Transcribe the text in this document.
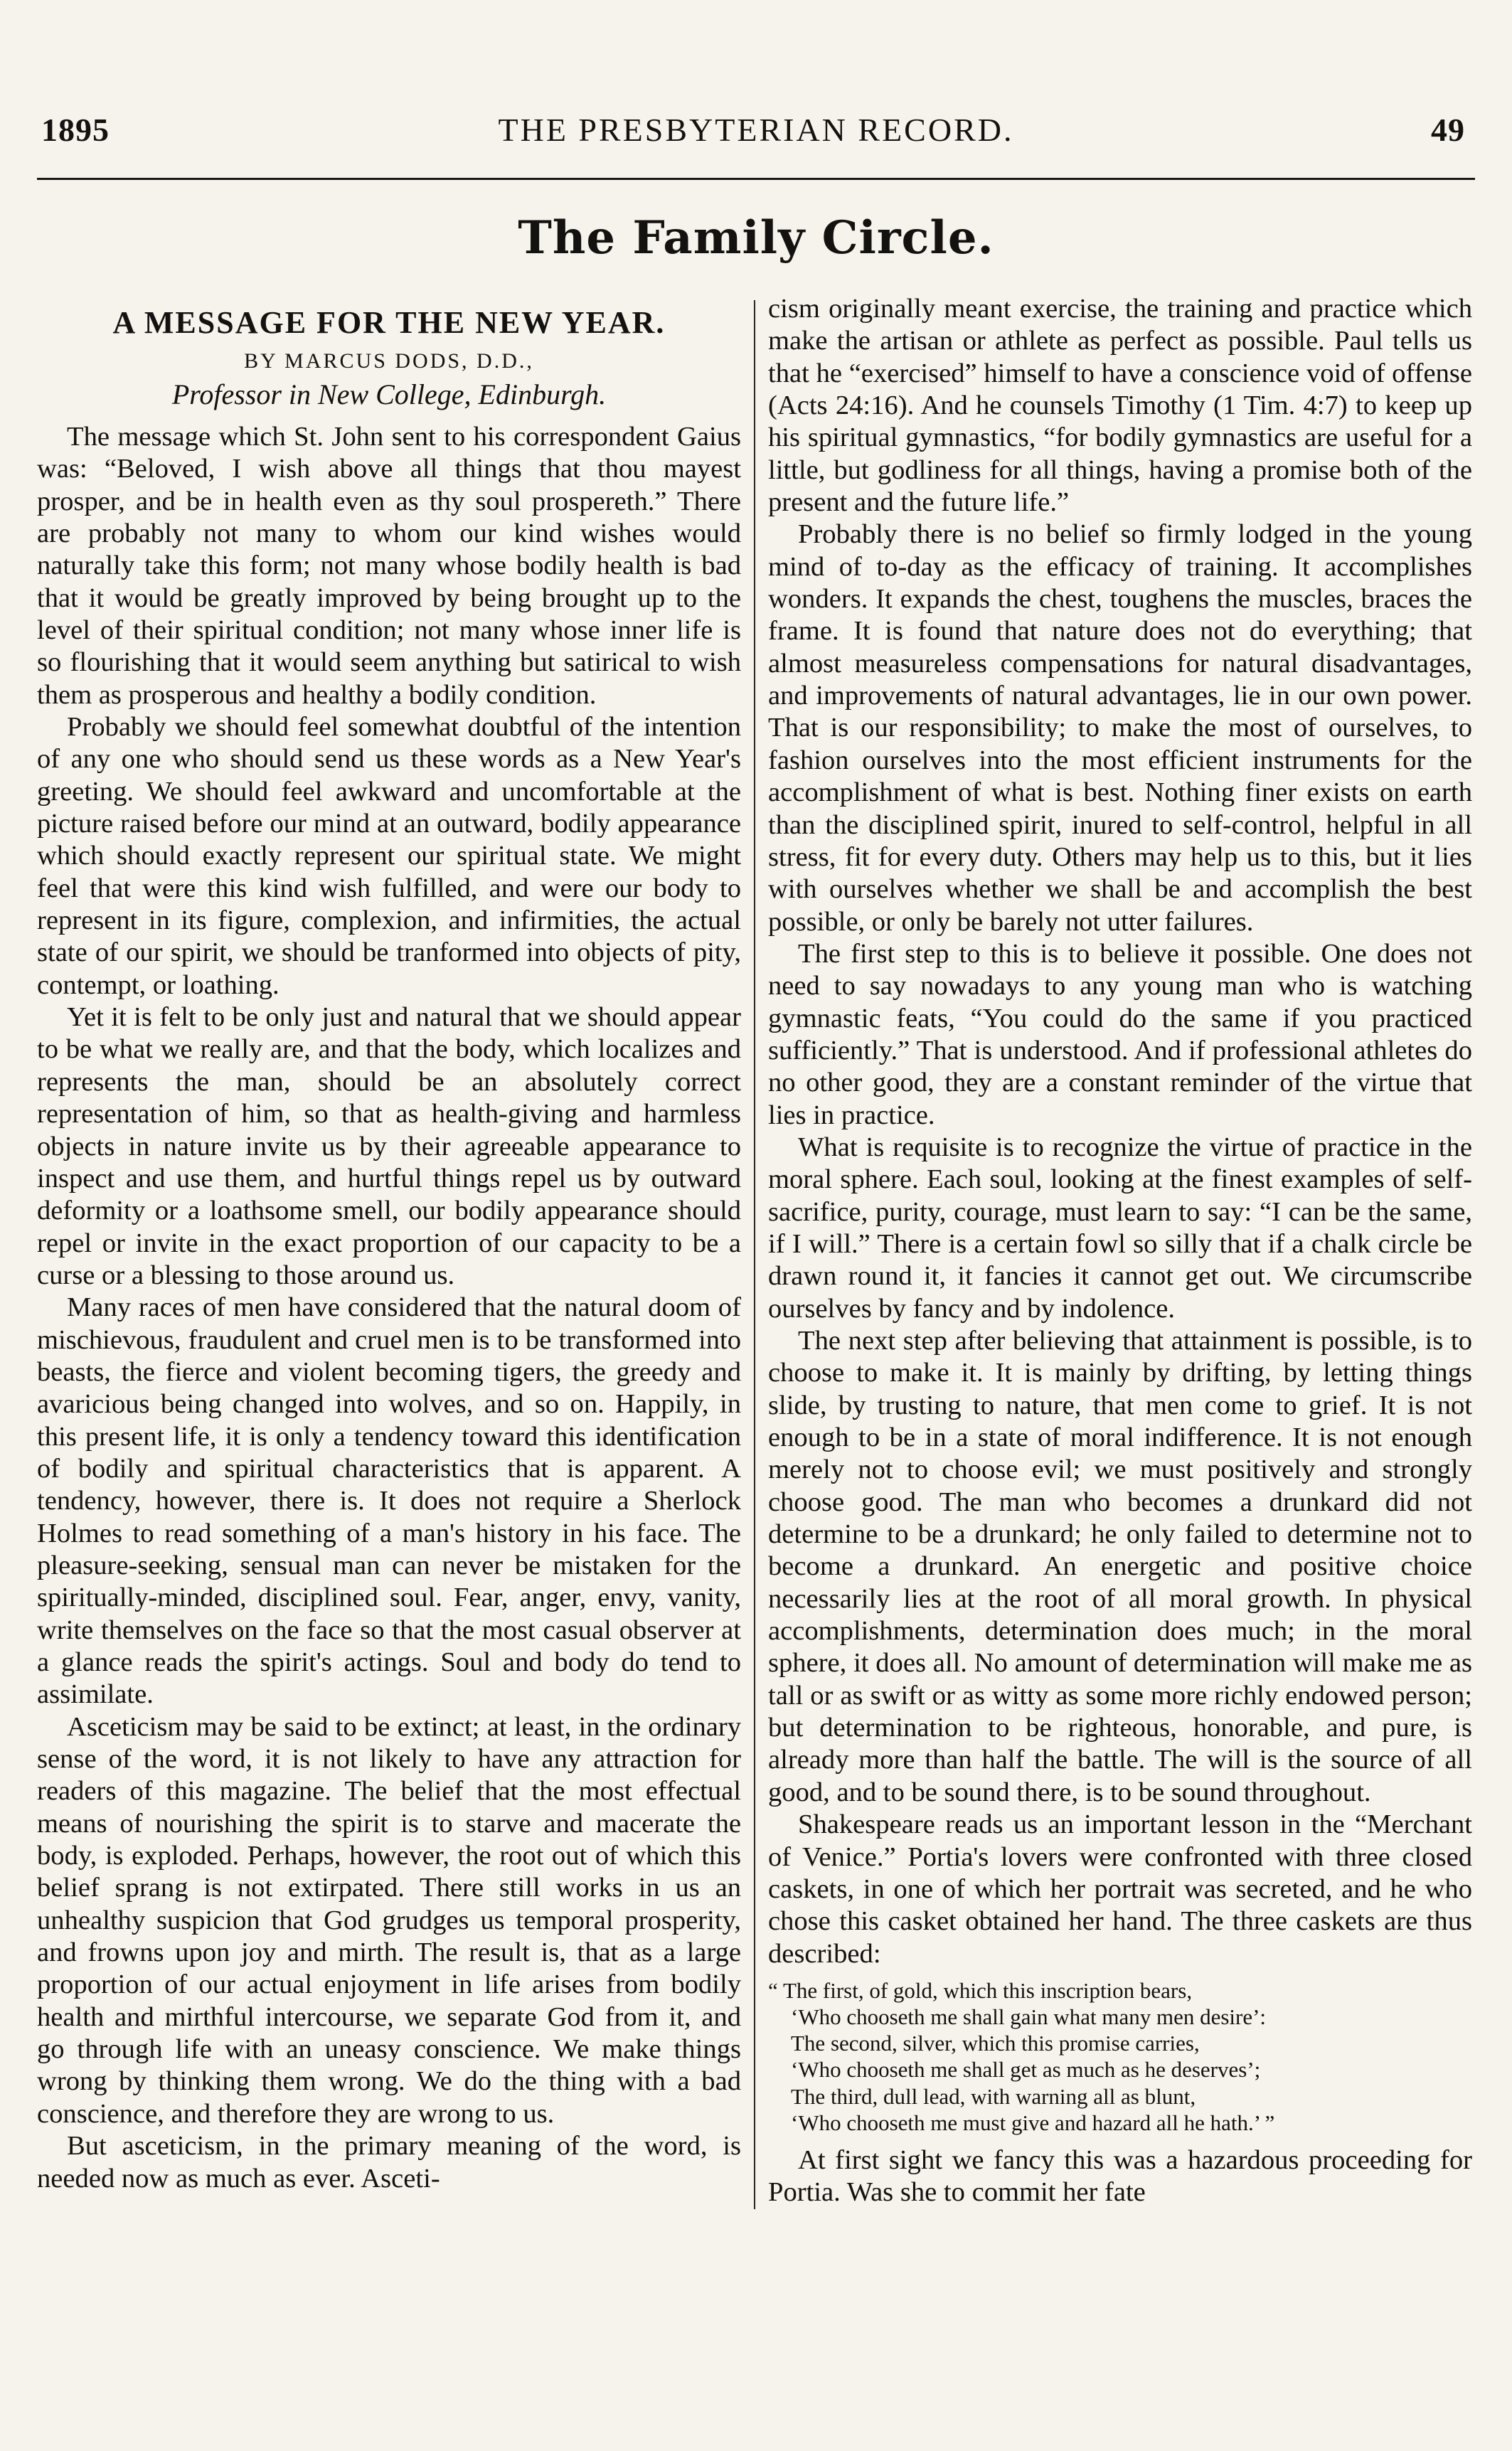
1895	THE PRESBYTERIAN RECORD.	49
The Family Circle.
A MESSAGE FOR THE NEW YEAR.
BY MARCUS DODS, D.D.,
Professor in New College, Edinburgh.

The message which St. John sent to his correspondent Gaius was: “Beloved, I wish above all things that thou mayest prosper, and be in health even as thy soul prospereth.” There are probably not many to whom our kind wishes would naturally take this form; not many whose bodily health is bad that it would be greatly improved by being brought up to the level of their spiritual condition; not many whose inner life is so flourishing that it would seem anything but satirical to wish them as prosperous and healthy a bodily condition.

Probably we should feel somewhat doubtful of the intention of any one who should send us these words as a New Year's greeting. We should feel awkward and uncomfortable at the picture raised before our mind at an outward, bodily appearance which should exactly represent our spiritual state. We might feel that were this kind wish fulfilled, and were our body to represent in its figure, complexion, and infirmities, the actual state of our spirit, we should be tranformed into objects of pity, contempt, or loathing.

Yet it is felt to be only just and natural that we should appear to be what we really are, and that the body, which localizes and represents the man, should be an absolutely correct representation of him, so that as health-giving and harmless objects in nature invite us by their agreeable appearance to inspect and use them, and hurtful things repel us by outward deformity or a loathsome smell, our bodily appearance should repel or invite in the exact proportion of our capacity to be a curse or a blessing to those around us.

Many races of men have considered that the natural doom of mischievous, fraudulent and cruel men is to be transformed into beasts, the fierce and violent becoming tigers, the greedy and avaricious being changed into wolves, and so on. Happily, in this present life, it is only a tendency toward this identification of bodily and spiritual characteristics that is apparent. A tendency, however, there is. It does not require a Sherlock Holmes to read something of a man's history in his face. The pleasure-seeking, sensual man can never be mistaken for the spiritually-minded, disciplined soul. Fear, anger, envy, vanity, write themselves on the face so that the most casual observer at a glance reads the spirit's actings. Soul and body do tend to assimilate.

Asceticism may be said to be extinct; at least, in the ordinary sense of the word, it is not likely to have any attraction for readers of this magazine. The belief that the most effectual means of nourishing the spirit is to starve and macerate the body, is exploded. Perhaps, however, the root out of which this belief sprang is not extirpated. There still works in us an unhealthy suspicion that God grudges us temporal prosperity, and frowns upon joy and mirth. The result is, that as a large proportion of our actual enjoyment in life arises from bodily health and mirthful intercourse, we separate God from it, and go through life with an uneasy conscience. We make things wrong by thinking them wrong. We do the thing with a bad conscience, and therefore they are wrong to us.

But asceticism, in the primary meaning of the word, is needed now as much as ever. Asceti-

cism originally meant exercise, the training and practice which make the artisan or athlete as perfect as possible. Paul tells us that he “exercised” himself to have a conscience void of offense (Acts 24:16). And he counsels Timothy (1 Tim. 4:7) to keep up his spiritual gymnastics, “for bodily gymnastics are useful for a little, but godliness for all things, having a promise both of the present and the future life.”

Probably there is no belief so firmly lodged in the young mind of to-day as the efficacy of training. It accomplishes wonders. It expands the chest, toughens the muscles, braces the frame. It is found that nature does not do everything; that almost measureless compensations for natural disadvantages, and improvements of natural advantages, lie in our own power. That is our responsibility; to make the most of ourselves, to fashion ourselves into the most efficient instruments for the accomplishment of what is best. Nothing finer exists on earth than the disciplined spirit, inured to self-control, helpful in all stress, fit for every duty. Others may help us to this, but it lies with ourselves whether we shall be and accomplish the best possible, or only be barely not utter failures.

The first step to this is to believe it possible. One does not need to say nowadays to any young man who is watching gymnastic feats, “You could do the same if you practiced sufficiently.” That is understood. And if professional athletes do no other good, they are a constant reminder of the virtue that lies in practice.

What is requisite is to recognize the virtue of practice in the moral sphere. Each soul, looking at the finest examples of self-sacrifice, purity, courage, must learn to say: “I can be the same, if I will.” There is a certain fowl so silly that if a chalk circle be drawn round it, it fancies it cannot get out. We circumscribe ourselves by fancy and by indolence.

The next step after believing that attainment is possible, is to choose to make it. It is mainly by drifting, by letting things slide, by trusting to nature, that men come to grief. It is not enough to be in a state of moral indifference. It is not enough merely not to choose evil; we must positively and strongly choose good. The man who becomes a drunkard did not determine to be a drunkard; he only failed to determine not to become a drunkard. An energetic and positive choice necessarily lies at the root of all moral growth. In physical accomplishments, determination does much; in the moral sphere, it does all. No amount of determination will make me as tall or as swift or as witty as some more richly endowed person; but determination to be righteous, honorable, and pure, is already more than half the battle. The will is the source of all good, and to be sound there, is to be sound throughout.

Shakespeare reads us an important lesson in the “Merchant of Venice.” Portia's lovers were confronted with three closed caskets, in one of which her portrait was secreted, and he who chose this casket obtained her hand. The three caskets are thus described:

“ The first, of gold, which this inscription bears,
‘Who chooseth me shall gain what many men desire’:
The second, silver, which this promise carries,
‘Who chooseth me shall get as much as he deserves’;
The third, dull lead, with warning all as blunt,
‘Who chooseth me must give and hazard all he hath.’ ”

At first sight we fancy this was a hazardous proceeding for Portia. Was she to commit her fate
